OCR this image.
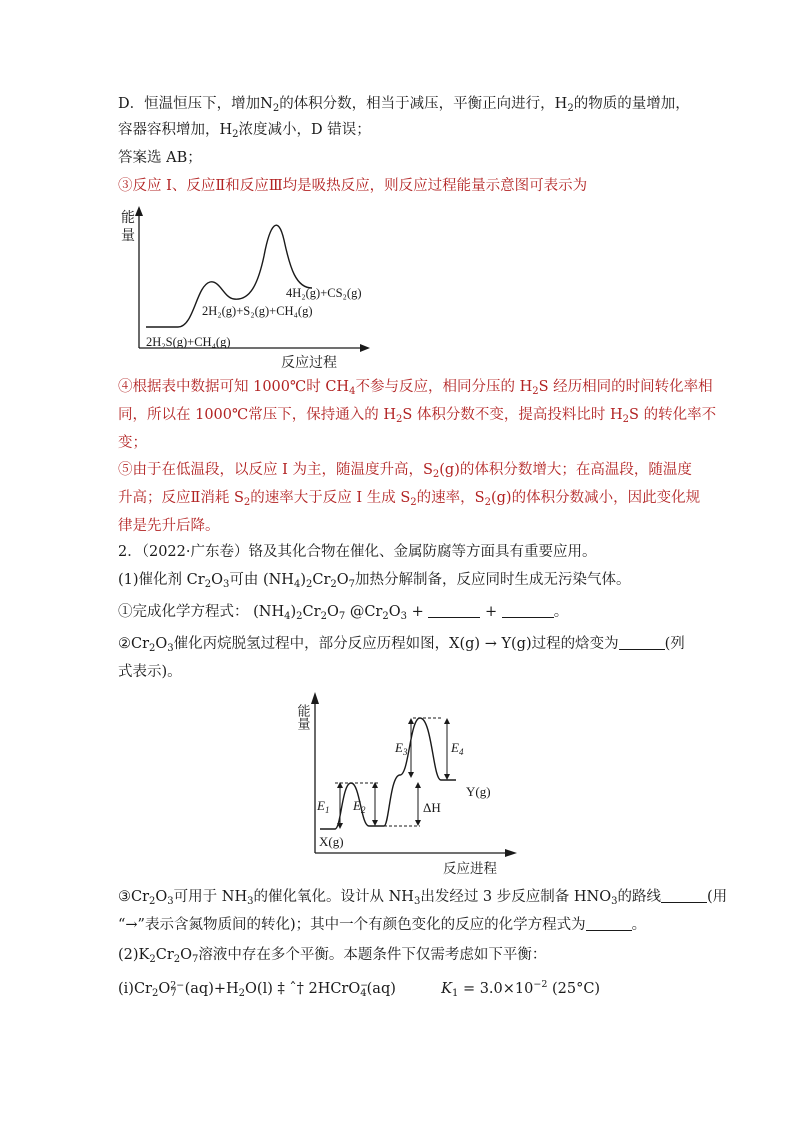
D．恒温恒压下，增加$N_2$的体积分数，相当于减压，平衡正向进行，$H_2$的物质的量增加，
容器容积增加，$H_2$浓度减小，D 错误；
答案选 AB；
③反应 I、反应Ⅱ和反应Ⅲ均是吸热反应，则反应过程能量示意图可表示为
能
量
2H₂S(g)+CH₄(g)
2H₂(g)+S₂(g)+CH₄(g)
4H₂(g)+CS₂(g)
反应过程
④根据表中数据可知 1000℃时 $CH_4$不参与反应，相同分压的 $H_2S$ 经历相同的时间转化率相
同，所以在 1000℃常压下，保持通入的 $H_2S$ 体积分数不变，提高投料比时 $H_2S$ 的转化率不
变；
⑤由于在低温段，以反应 I 为主，随温度升高，$S_2(g)$的体积分数增大；在高温段，随温度
升高；反应Ⅱ消耗 $S_2$的速率大于反应 I 生成 $S_2$的速率，$S_2(g)$的体积分数减小，因此变化规
律是先升后降。
2．（2022·广东卷）铬及其化合物在催化、金属防腐等方面具有重要应用。
(1)催化剂 $Cr_2O_3$可由 $(NH_4)_2Cr_2O_7$加热分解制备，反应同时生成无污染气体。
①完成化学方程式： $(NH_4)_2Cr_2O_7$ $@Cr_2O_3$ +	+	。
$②Cr_2O_3$催化丙烷脱氢过程中，部分反应历程如图，X(g) → Y(g)过程的焓变为	(列
式表示)。
能量
$E_1$ $E_2$	ΔH
$E_3$	$E_4$
X(g)
Y(g)
反应进程
$③Cr_2O_3$可用于 $NH_3$的催化氧化。设计从 $NH_3$出发经过 3 步反应制备 $HNO_3$的路线	(用
“→”表示含氮物质间的转化)；其中一个有颜色变化的反应的化学方程式为	。
$(2)K_2Cr_2O_7$溶液中存在多个平衡。本题条件下仅需考虑如下平衡：
$(ⅰ)Cr_2O_{7 2-}$ $(aq)+H_2O(l)$ ‡ ˆ† 2HCrO$_{4 -}$
(aq)	$K_1 = 3.0\times 10^{-2}$ (25°C)
